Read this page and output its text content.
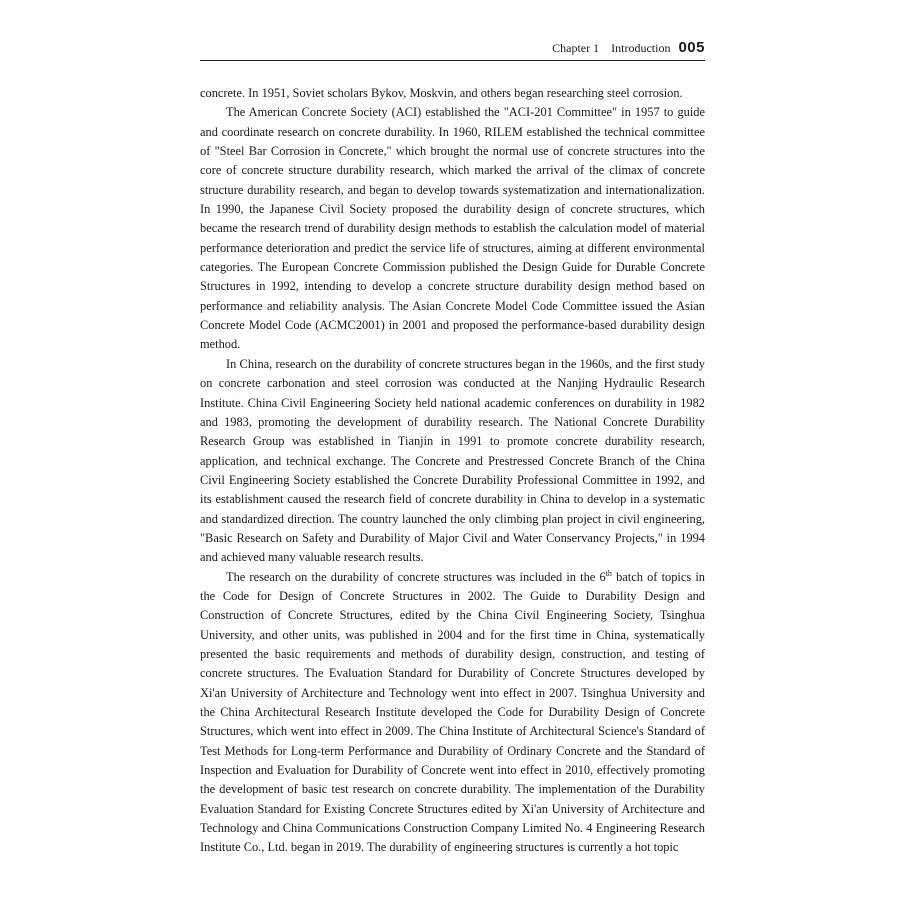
Chapter 1 Introduction 005

concrete. In 1951, Soviet scholars Bykov, Moskvin, and others began researching steel corrosion.

The American Concrete Society (ACI) established the "ACI-201 Committee" in 1957 to guide and coordinate research on concrete durability. In 1960, RILEM established the technical committee of "Steel Bar Corrosion in Concrete," which brought the normal use of concrete structures into the core of concrete structure durability research, which marked the arrival of the climax of concrete structure durability research, and began to develop towards systematization and internationalization. In 1990, the Japanese Civil Society proposed the durability design of concrete structures, which became the research trend of durability design methods to establish the calculation model of material performance deterioration and predict the service life of structures, aiming at different environmental categories. The European Concrete Commission published the Design Guide for Durable Concrete Structures in 1992, intending to develop a concrete structure durability design method based on performance and reliability analysis. The Asian Concrete Model Code Committee issued the Asian Concrete Model Code (ACMC2001) in 2001 and proposed the performance-based durability design method.

In China, research on the durability of concrete structures began in the 1960s, and the first study on concrete carbonation and steel corrosion was conducted at the Nanjing Hydraulic Research Institute. China Civil Engineering Society held national academic conferences on durability in 1982 and 1983, promoting the development of durability research. The National Concrete Durability Research Group was established in Tianjin in 1991 to promote concrete durability research, application, and technical exchange. The Concrete and Prestressed Concrete Branch of the China Civil Engineering Society established the Concrete Durability Professional Committee in 1992, and its establishment caused the research field of concrete durability in China to develop in a systematic and standardized direction. The country launched the only climbing plan project in civil engineering, "Basic Research on Safety and Durability of Major Civil and Water Conservancy Projects," in 1994 and achieved many valuable research results.

The research on the durability of concrete structures was included in the 6th batch of topics in the Code for Design of Concrete Structures in 2002. The Guide to Durability Design and Construction of Concrete Structures, edited by the China Civil Engineering Society, Tsinghua University, and other units, was published in 2004 and for the first time in China, systematically presented the basic requirements and methods of durability design, construction, and testing of concrete structures. The Evaluation Standard for Durability of Concrete Structures developed by Xi'an University of Architecture and Technology went into effect in 2007. Tsinghua University and the China Architectural Research Institute developed the Code for Durability Design of Concrete Structures, which went into effect in 2009. The China Institute of Architectural Science's Standard of Test Methods for Long-term Performance and Durability of Ordinary Concrete and the Standard of Inspection and Evaluation for Durability of Concrete went into effect in 2010, effectively promoting the development of basic test research on concrete durability. The implementation of the Durability Evaluation Standard for Existing Concrete Structures edited by Xi'an University of Architecture and Technology and China Communications Construction Company Limited No. 4 Engineering Research Institute Co., Ltd. began in 2019. The durability of engineering structures is currently a hot topic
